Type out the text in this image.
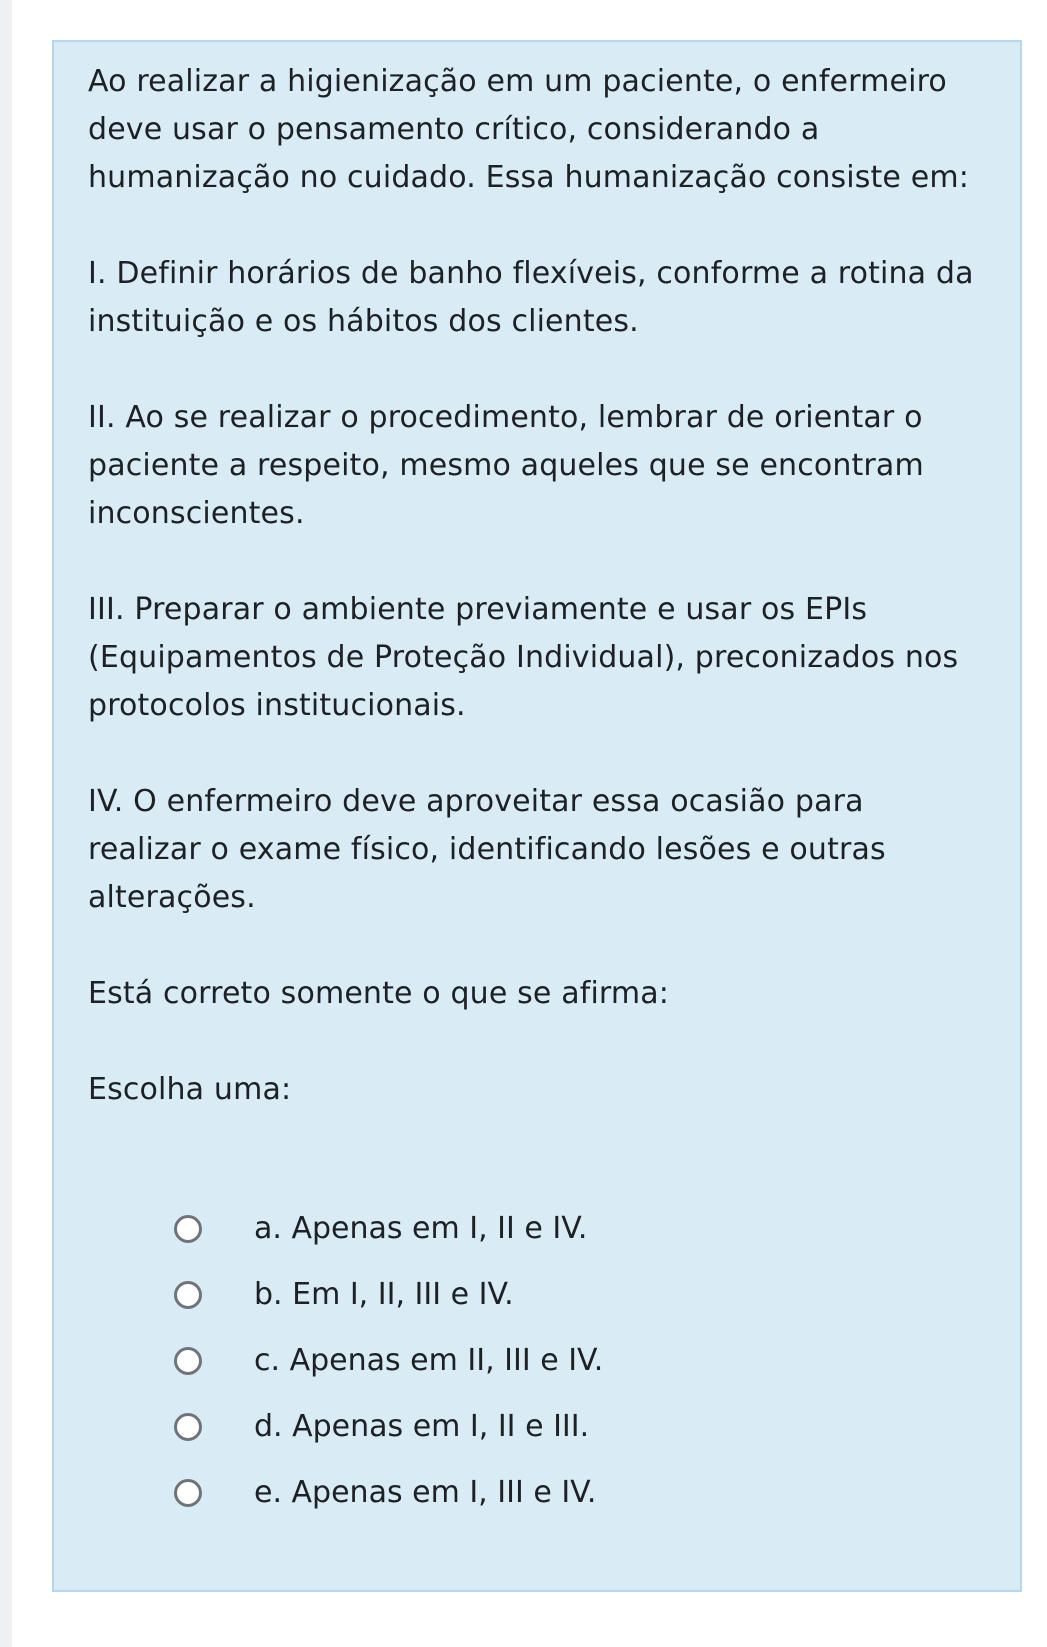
Ao realizar a higienização em um paciente, o enfermeiro deve usar o pensamento crítico, considerando a humanização no cuidado. Essa humanização consiste em:

I. Definir horários de banho flexíveis, conforme a rotina da instituição e os hábitos dos clientes.

II. Ao se realizar o procedimento, lembrar de orientar o paciente a respeito, mesmo aqueles que se encontram inconscientes.

III. Preparar o ambiente previamente e usar os EPIs (Equipamentos de Proteção Individual), preconizados nos protocolos institucionais.

IV. O enfermeiro deve aproveitar essa ocasião para realizar o exame físico, identificando lesões e outras alterações.

Está correto somente o que se afirma:

Escolha uma:

a. Apenas em I, II e IV.
b. Em I, II, III e IV.
c. Apenas em II, III e IV.
d. Apenas em I, II e III.
e. Apenas em I, III e IV.
